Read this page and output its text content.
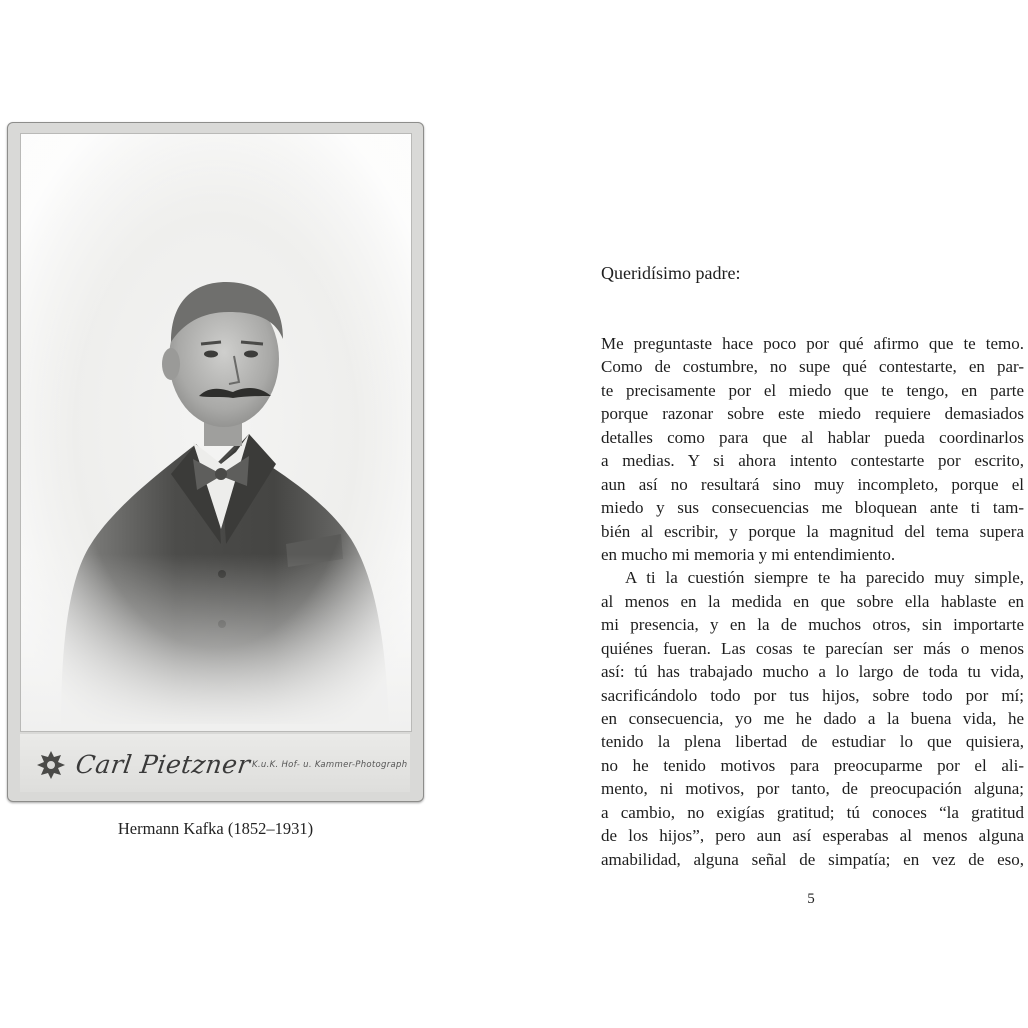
Carl Pietzner K.u.K. Hof- u. Kammer-Photograph
Hermann Kafka (1852–1931)
Queridísimo padre:
Me preguntaste hace poco por qué afirmo que te temo.
Como de costumbre, no supe qué contestarte, en par-
te precisamente por el miedo que te tengo, en parte
porque razonar sobre este miedo requiere demasiados
detalles como para que al hablar pueda coordinarlos
a medias. Y si ahora intento contestarte por escrito,
aun así no resultará sino muy incompleto, porque el
miedo y sus consecuencias me bloquean ante ti tam-
bién al escribir, y porque la magnitud del tema supera
en mucho mi memoria y mi entendimiento.
A ti la cuestión siempre te ha parecido muy simple,
al menos en la medida en que sobre ella hablaste en
mi presencia, y en la de muchos otros, sin importarte
quiénes fueran. Las cosas te parecían ser más o menos
así: tú has trabajado mucho a lo largo de toda tu vida,
sacrificándolo todo por tus hijos, sobre todo por mí;
en consecuencia, yo me he dado a la buena vida, he
tenido la plena libertad de estudiar lo que quisiera,
no he tenido motivos para preocuparme por el ali-
mento, ni motivos, por tanto, de preocupación alguna;
a cambio, no exigías gratitud; tú conoces “la gratitud
de los hijos”, pero aun así esperabas al menos alguna
amabilidad, alguna señal de simpatía; en vez de eso,
5
